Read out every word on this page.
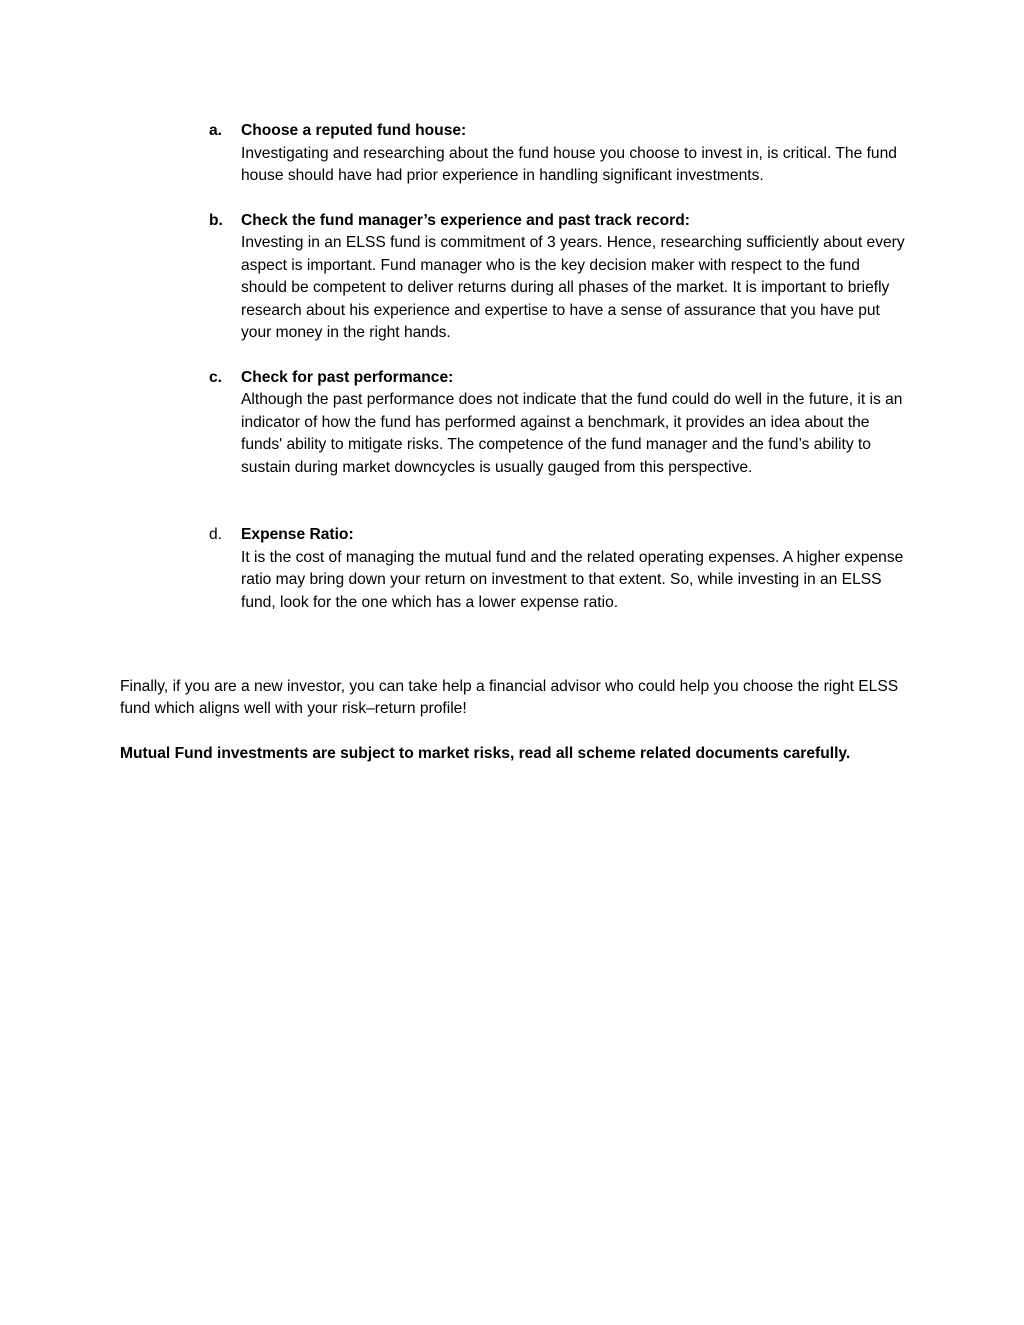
a.	Choose a reputed fund house:
Investigating and researching about the fund house you choose to invest in, is critical. The fund house should have had prior experience in handling significant investments.
b.	Check the fund manager’s experience and past track record:
Investing in an ELSS fund is commitment of 3 years. Hence, researching sufficiently about every aspect is important. Fund manager who is the key decision maker with respect to the fund should be competent to deliver returns during all phases of the market. It is important to briefly research about his experience and expertise to have a sense of assurance that you have put your money in the right hands.
c.	Check for past performance:
Although the past performance does not indicate that the fund could do well in the future, it is an indicator of how the fund has performed against a benchmark, it provides an idea about the funds' ability to mitigate risks. The competence of the fund manager and the fund’s ability to sustain during market downcycles is usually gauged from this perspective.
d.	Expense Ratio:
It is the cost of managing the mutual fund and the related operating expenses. A higher expense ratio may bring down your return on investment to that extent. So, while investing in an ELSS fund, look for the one which has a lower expense ratio.

Finally, if you are a new investor, you can take help a financial advisor who could help you choose the right ELSS fund which aligns well with your risk–return profile!

Mutual Fund investments are subject to market risks, read all scheme related documents carefully.
